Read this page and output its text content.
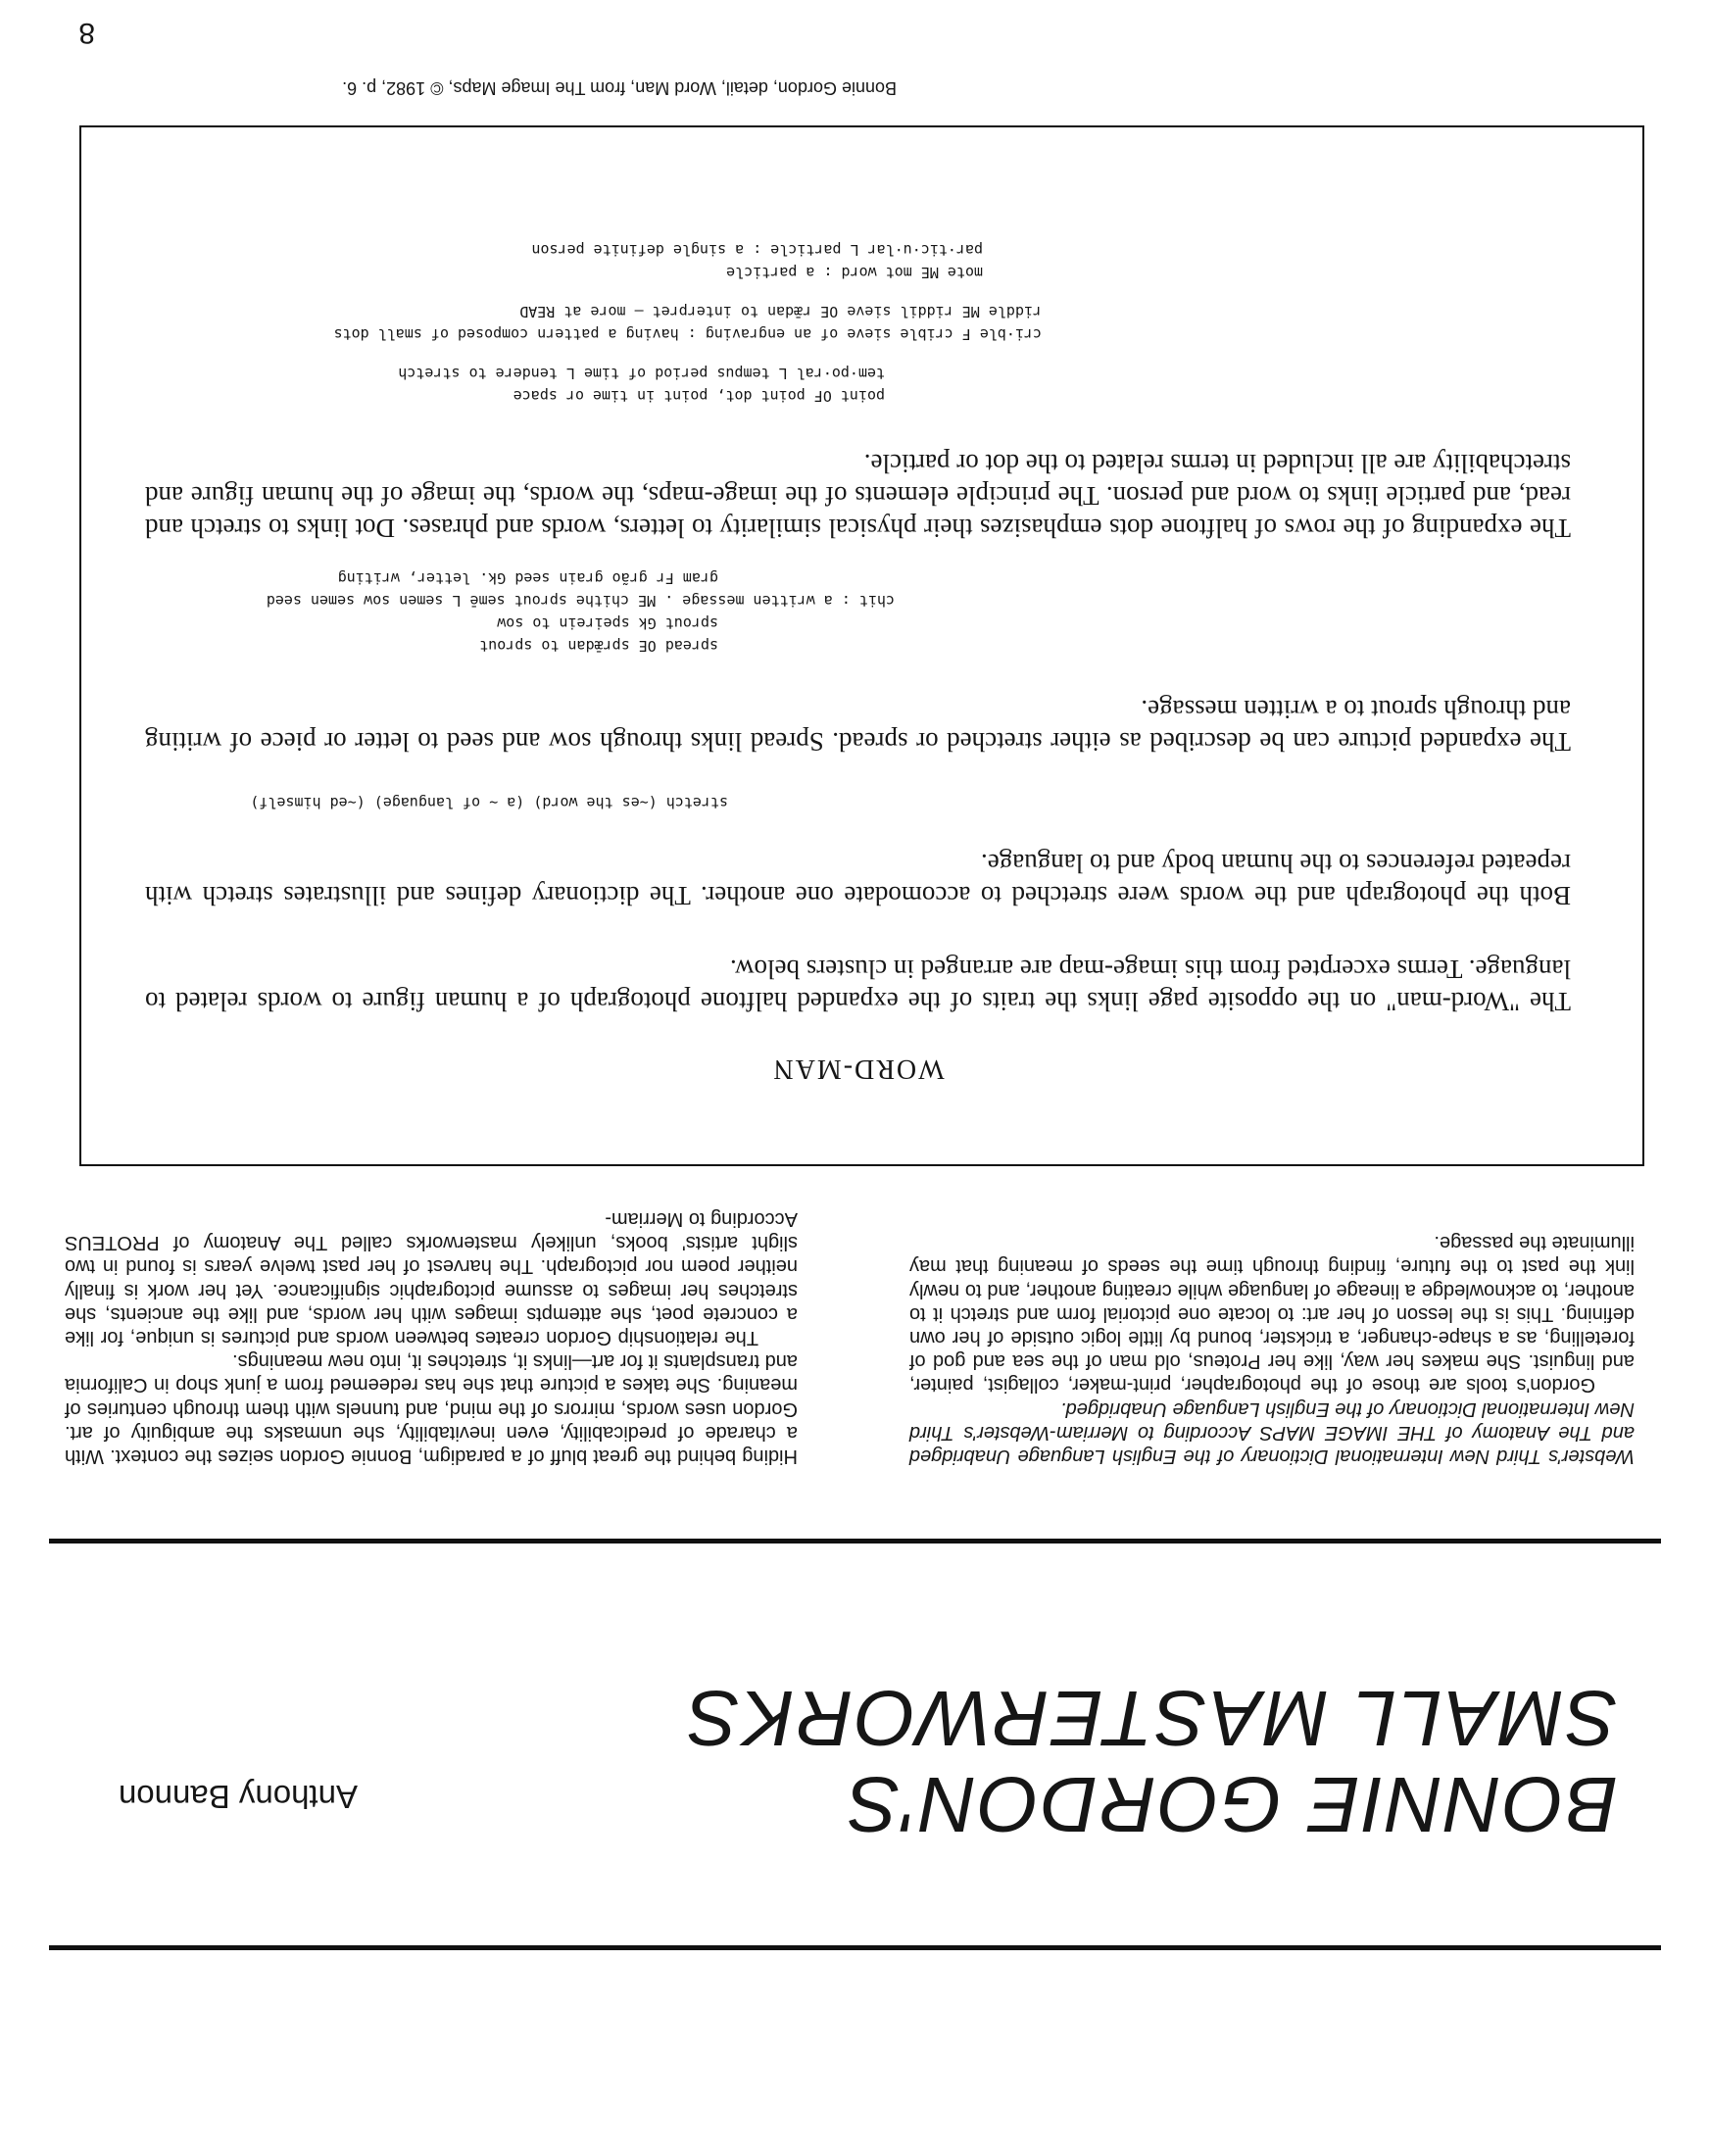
BONNIE GORDON'S
SMALL MASTERWORKS
Anthony Bannon

Webster's Third New International Dictionary of the English Language Unabridged and The Anatomy of THE IMAGE MAPS According to Merriam-Webster's Third New International Dictionary of the English Language Unabridged.

Gordon's tools are those of the photographer, print-maker, collagist, painter, and linguist. She makes her way, like her Proteus, old man of the sea and god of foretelling, as a shape-changer, a trickster, bound by little logic outside of her own defining. This is the lesson of her art: to locate one pictorial form and stretch it to another, to acknowledge a lineage of language while creating another, and to newly link the past to the future, finding through time the seeds of meaning that may illuminate the passage.

Hiding behind the great bluff of a paradigm, Bonnie Gordon seizes the context. With a charade of predicability, even inevitability, she unmasks the ambiguity of art. Gordon uses words, mirrors of the mind, and tunnels with them through centuries of meaning. She takes a picture that she has redeemed from a junk shop in California and transplants it for art—links it, stretches it, into new meanings.

The relationship Gordon creates between words and pictures is unique, for like a concrete poet, she attempts images with her words, and like the ancients, she stretches her images to assume pictographic significance. Yet her work is finally neither poem nor pictograph. The harvest of her past twelve years is found in two slight artists' books, unlikely masterworks called The Anatomy of PROTEUS According to Merriam-

WORD-MAN
The "Word-man" on the opposite page links the traits of the expanded halftone photograph of a human figure to words related to language. Terms excerpted from this image-map are arranged in clusters below.
Both the photograph and the words were stretched to accomodate one another. The dictionary defines and illustrates stretch with repeated references to the human body and to language.
stretch (~es the word) (a ~ of language) (~ed himself)
The expanded picture can be described as either stretched or spread. Spread links through sow and seed to letter or piece of writing and through sprout to a written message.
spread OE sprǣdan to sprout
sprout Gk speirein to sow
chit : a written message . ME chithe sprout semē L semen sow semen seed
gram Fr grão grain seed Gk. letter, writing
The expanding of the rows of halftone dots emphasizes their physical similarity to letters, words and phrases. Dot links to stretch and read, and particle links to word and person. The principle elements of the image-maps, the words, the image of the human figure and stretchability are all included in terms related to the dot or particle.
point OF point dot, point in time or space
tem·po·ral L tempus period of time L tendere to stretch
cri·ble F crible sieve of an engraving : having a pattern composed of small dots
riddle ME riddil sieve OE rǣdan to interpret — more at READ
mote ME mot word : a particle
par·tic·u·lar L particle : a single definite person
Bonnie Gordon, detail, Word Man, from The Image Maps, © 1982, p. 6.
8
